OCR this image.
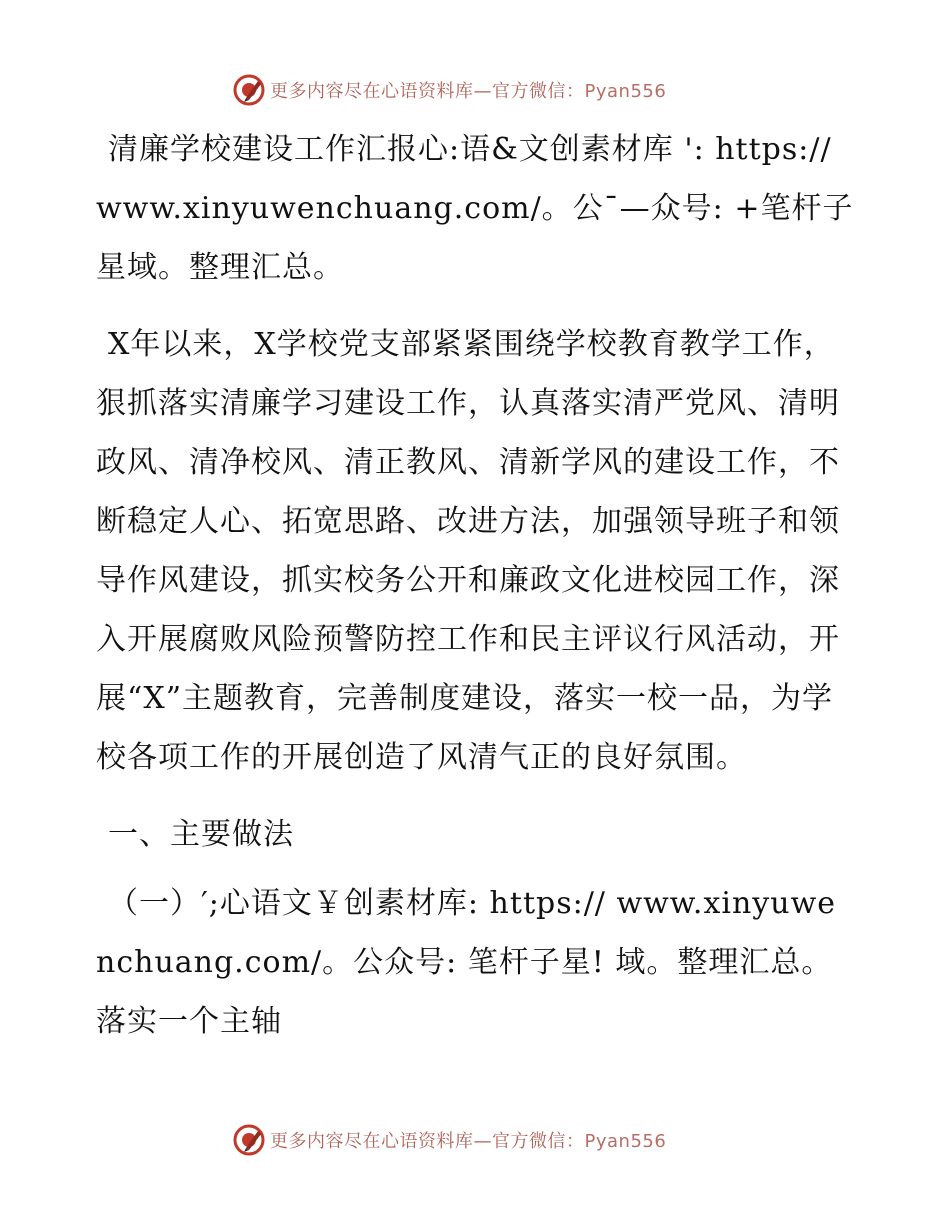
更多内容尽在心语资料库—官方微信：Pyan556

清廉学校建设工作汇报心:语&文创素材库 ': https://www.xinyuwenchuang.com/。公¯—众号: +笔杆子星域。整理汇总。

X年以来，X学校党支部紧紧围绕学校教育教学工作，狠抓落实清廉学习建设工作，认真落实清严党风、清明政风、清净校风、清正教风、清新学风的建设工作，不断稳定人心、拓宽思路、改进方法，加强领导班子和领导作风建设，抓实校务公开和廉政文化进校园工作，深入开展腐败风险预警防控工作和民主评议行风活动，开展“X”主题教育，完善制度建设，落实一校一品，为学校各项工作的开展创造了风清气正的良好氛围。

一、主要做法

（一）′;心语文￥创素材库: https:// www.xinyuwenchuang.com/。公众号: 笔杆子星! 域。整理汇总。落实一个主轴

更多内容尽在心语资料库—官方微信：Pyan556
